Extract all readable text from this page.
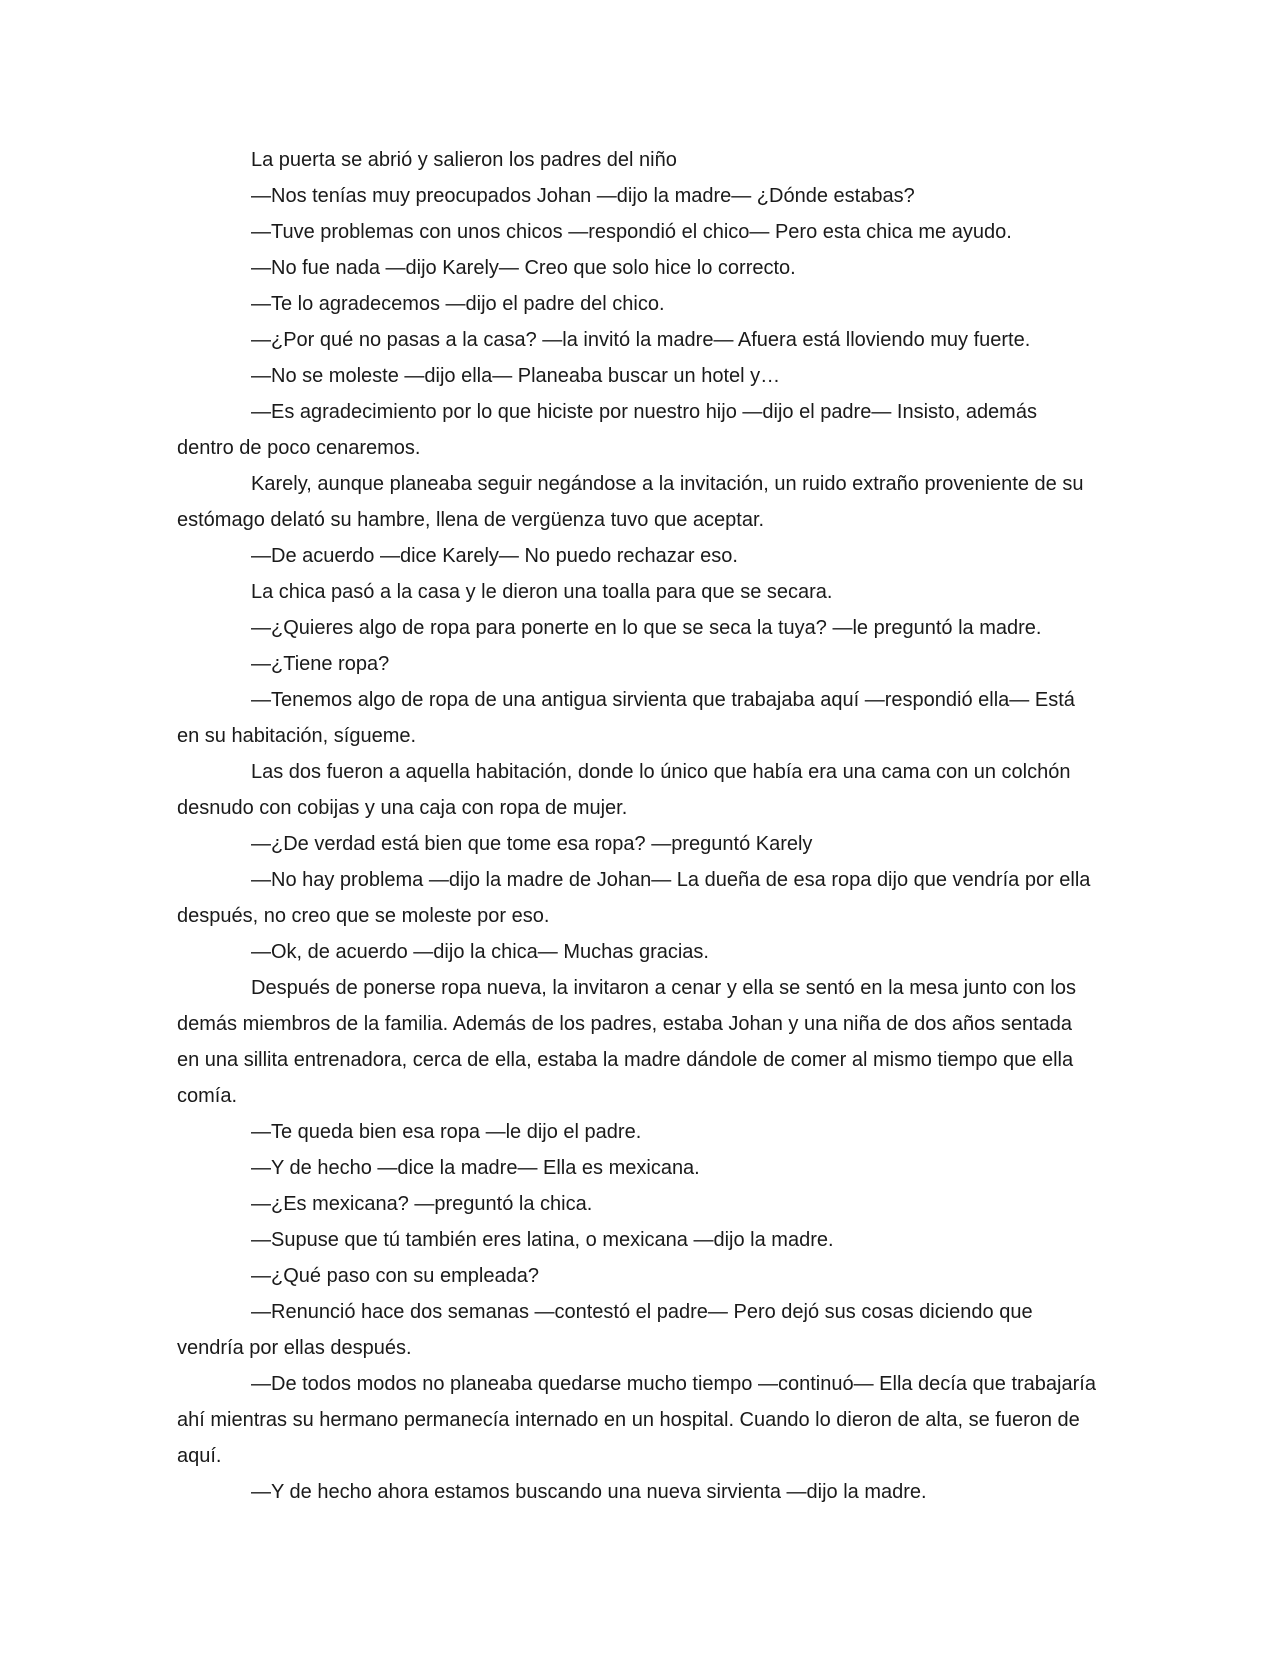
La puerta se abrió y salieron los padres del niño

―Nos tenías muy preocupados Johan ―dijo la madre― ¿Dónde estabas?

―Tuve problemas con unos chicos ―respondió el chico― Pero esta chica me ayudo.

―No fue nada ―dijo Karely― Creo que solo hice lo correcto.

―Te lo agradecemos ―dijo el padre del chico.

―¿Por qué no pasas a la casa? ―la invitó la madre― Afuera está lloviendo muy fuerte.

―No se moleste ―dijo ella― Planeaba buscar un hotel y…

―Es agradecimiento por lo que hiciste por nuestro hijo ―dijo el padre― Insisto, además dentro de poco cenaremos.

Karely, aunque planeaba seguir negándose a la invitación, un ruido extraño proveniente de su estómago delató su hambre, llena de vergüenza tuvo que aceptar.

―De acuerdo ―dice Karely― No puedo rechazar eso.

La chica pasó a la casa y le dieron una toalla para que se secara.

―¿Quieres algo de ropa para ponerte en lo que se seca la tuya? ―le preguntó la madre.

―¿Tiene ropa?

―Tenemos algo de ropa de una antigua sirvienta que trabajaba aquí ―respondió ella― Está en su habitación, sígueme.

Las dos fueron a aquella habitación, donde lo único que había era una cama con un colchón desnudo con cobijas y una caja con ropa de mujer.

―¿De verdad está bien que tome esa ropa? ―preguntó Karely

―No hay problema ―dijo la madre de Johan― La dueña de esa ropa dijo que vendría por ella después, no creo que se moleste por eso.

―Ok, de acuerdo ―dijo la chica― Muchas gracias.

Después de ponerse ropa nueva, la invitaron a cenar y ella se sentó en la mesa junto con los demás miembros de la familia. Además de los padres, estaba Johan y una niña de dos años sentada en una sillita entrenadora, cerca de ella, estaba la madre dándole de comer al mismo tiempo que ella comía.

―Te queda bien esa ropa ―le dijo el padre.

―Y de hecho ―dice la madre― Ella es mexicana.

―¿Es mexicana? ―preguntó la chica.

―Supuse que tú también eres latina, o mexicana ―dijo la madre.

―¿Qué paso con su empleada?

―Renunció hace dos semanas ―contestó el padre― Pero dejó sus cosas diciendo que vendría por ellas después.

―De todos modos no planeaba quedarse mucho tiempo ―continuó― Ella decía que trabajaría ahí mientras su hermano permanecía internado en un hospital. Cuando lo dieron de alta, se fueron de aquí.

―Y de hecho ahora estamos buscando una nueva sirvienta ―dijo la madre.
